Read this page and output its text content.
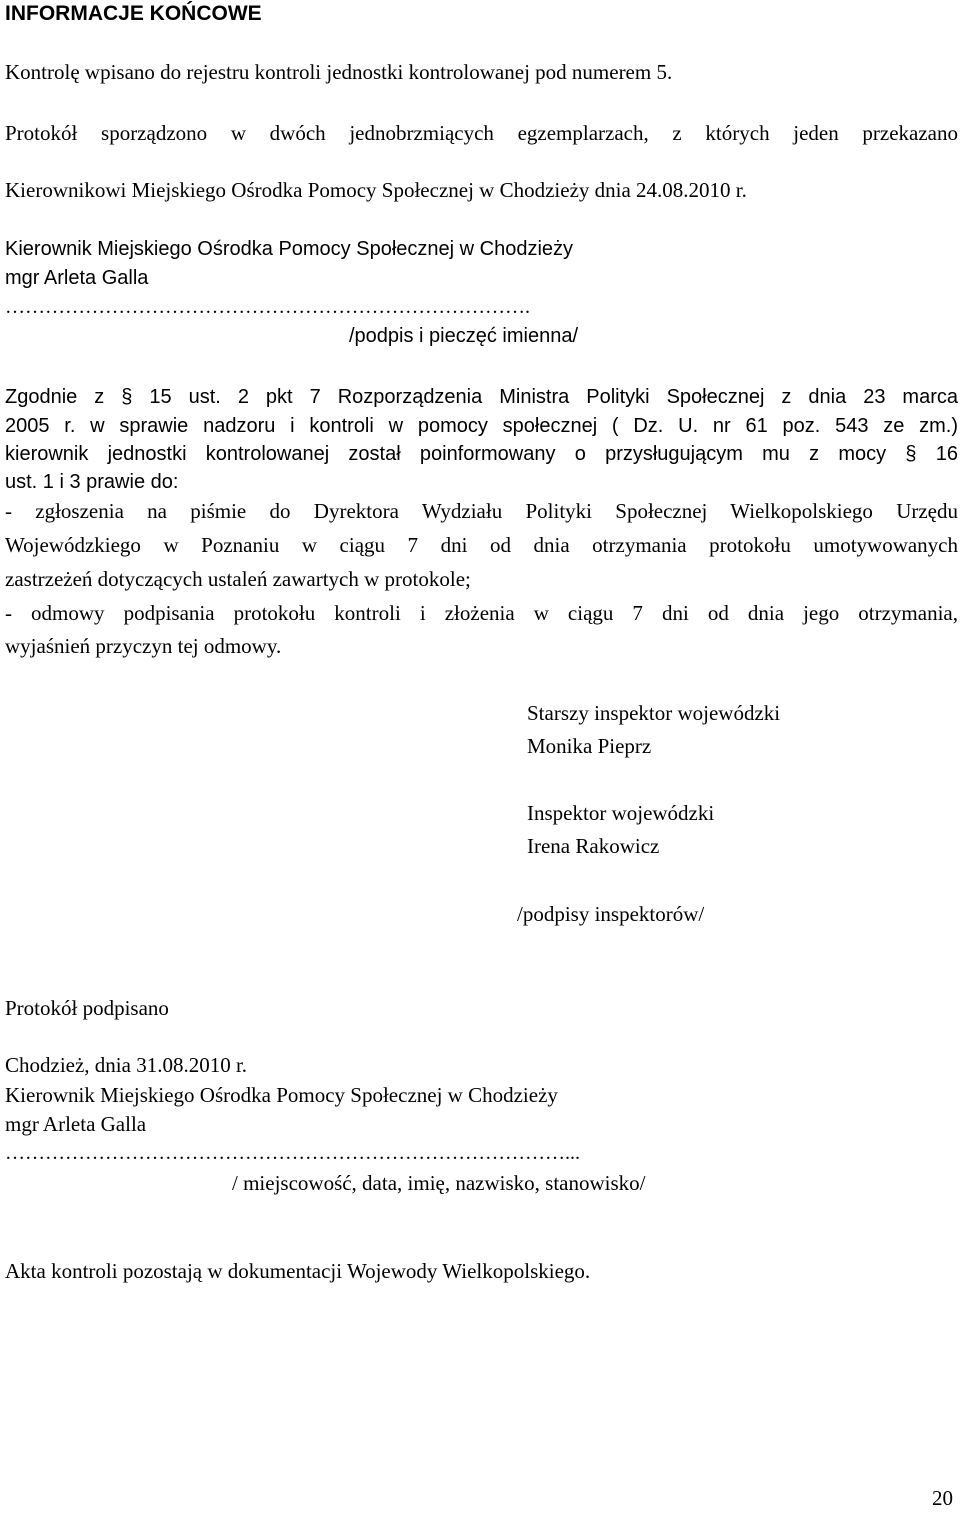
INFORMACJE KOŃCOWE
Kontrolę wpisano do rejestru kontroli jednostki kontrolowanej pod numerem 5.
Protokół sporządzono w dwóch jednobrzmiących egzemplarzach, z których jeden przekazano
Kierownikowi Miejskiego Ośrodka Pomocy Społecznej w Chodzieży dnia 24.08.2010 r.
Kierownik Miejskiego Ośrodka Pomocy Społecznej w Chodzieży
mgr Arleta Galla
…………………………………………………………………….
/podpis i pieczęć imienna/
Zgodnie z § 15 ust. 2 pkt 7 Rozporządzenia Ministra Polityki Społecznej z dnia 23 marca
2005 r. w sprawie nadzoru i kontroli w pomocy społecznej ( Dz. U. nr 61 poz. 543 ze zm.)
kierownik jednostki kontrolowanej został poinformowany o przysługującym mu z mocy § 16
ust. 1 i 3 prawie do:
- zgłoszenia na piśmie do Dyrektora Wydziału Polityki Społecznej Wielkopolskiego Urzędu
Wojewódzkiego w Poznaniu w ciągu 7 dni od dnia otrzymania protokołu umotywowanych
zastrzeżeń dotyczących ustaleń zawartych w protokole;
- odmowy podpisania protokołu kontroli i złożenia w ciągu 7 dni od dnia jego otrzymania,
wyjaśnień przyczyn tej odmowy.
Starszy inspektor wojewódzki
Monika Pieprz
Inspektor wojewódzki
Irena Rakowicz
/podpisy inspektorów/
Protokół podpisano
Chodzież, dnia 31.08.2010 r.
Kierownik Miejskiego Ośrodka Pomocy Społecznej w Chodzieży
mgr Arleta Galla
…………………………………………………………………………...
/ miejscowość, data, imię, nazwisko, stanowisko/
Akta kontroli pozostają w dokumentacji Wojewody Wielkopolskiego.
20
